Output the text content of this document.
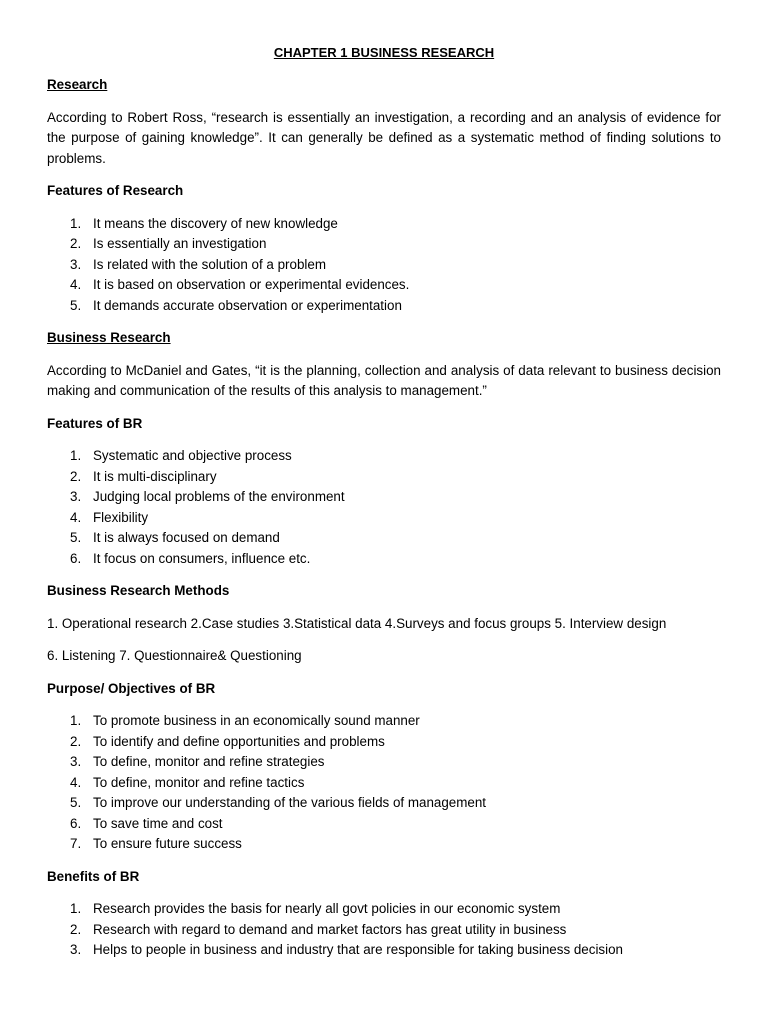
CHAPTER 1 BUSINESS RESEARCH
Research
According to Robert Ross, “research is essentially an investigation, a recording and an analysis of evidence for the purpose of gaining knowledge”. It can generally be defined as a systematic method of finding solutions to problems.
Features of Research
1. It means the discovery of new knowledge
2. Is essentially an investigation
3. Is related with the solution of a problem
4. It is based on observation or experimental evidences.
5. It demands accurate observation or experimentation
Business Research
According to McDaniel and Gates, “it is the planning, collection and analysis of data relevant to business decision making and communication of the results of this analysis to management.”
Features of BR
1. Systematic and objective process
2. It is multi-disciplinary
3. Judging local problems of the environment
4. Flexibility
5. It is always focused on demand
6. It focus on consumers, influence etc.
Business Research Methods
1. Operational research 2.Case studies 3.Statistical data 4.Surveys and focus groups 5. Interview design
6. Listening 7. Questionnaire& Questioning
Purpose/ Objectives of BR
1. To promote business in an economically sound manner
2. To identify and define opportunities and problems
3. To define, monitor and refine strategies
4. To define, monitor and refine tactics
5. To improve our understanding of the various fields of management
6. To save time and cost
7. To ensure future success
Benefits of BR
1. Research provides the basis for nearly all govt policies in our economic system
2. Research with regard to demand and market factors has great utility in business
3. Helps to people in business and industry that are responsible for taking business decision
